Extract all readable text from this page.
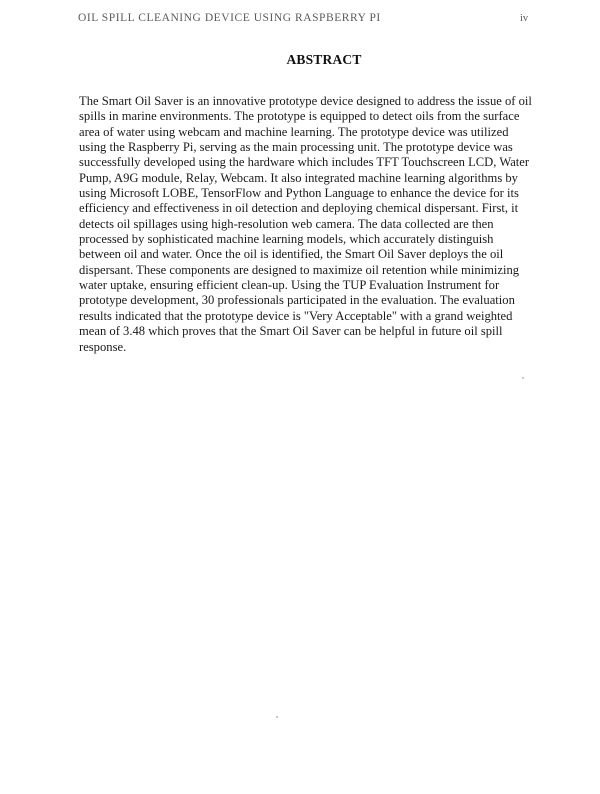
OIL SPILL CLEANING DEVICE USING RASPBERRY PI	iv
ABSTRACT
The Smart Oil Saver is an innovative prototype device designed to address the issue of oil
spills in marine environments. The prototype is equipped to detect oils from the surface
area of water using webcam and machine learning. The prototype device was utilized
using the Raspberry Pi, serving as the main processing unit. The prototype device was
successfully developed using the hardware which includes TFT Touchscreen LCD, Water
Pump, A9G module, Relay, Webcam. It also integrated machine learning algorithms by
using Microsoft LOBE, TensorFlow and Python Language to enhance the device for its
efficiency and effectiveness in oil detection and deploying chemical dispersant. First, it
detects oil spillages using high-resolution web camera. The data collected are then
processed by sophisticated machine learning models, which accurately distinguish
between oil and water. Once the oil is identified, the Smart Oil Saver deploys the oil
dispersant. These components are designed to maximize oil retention while minimizing
water uptake, ensuring efficient clean-up. Using the TUP Evaluation Instrument for
prototype development, 30 professionals participated in the evaluation. The evaluation
results indicated that the prototype device is "Very Acceptable" with a grand weighted
mean of 3.48 which proves that the Smart Oil Saver can be helpful in future oil spill
response.
